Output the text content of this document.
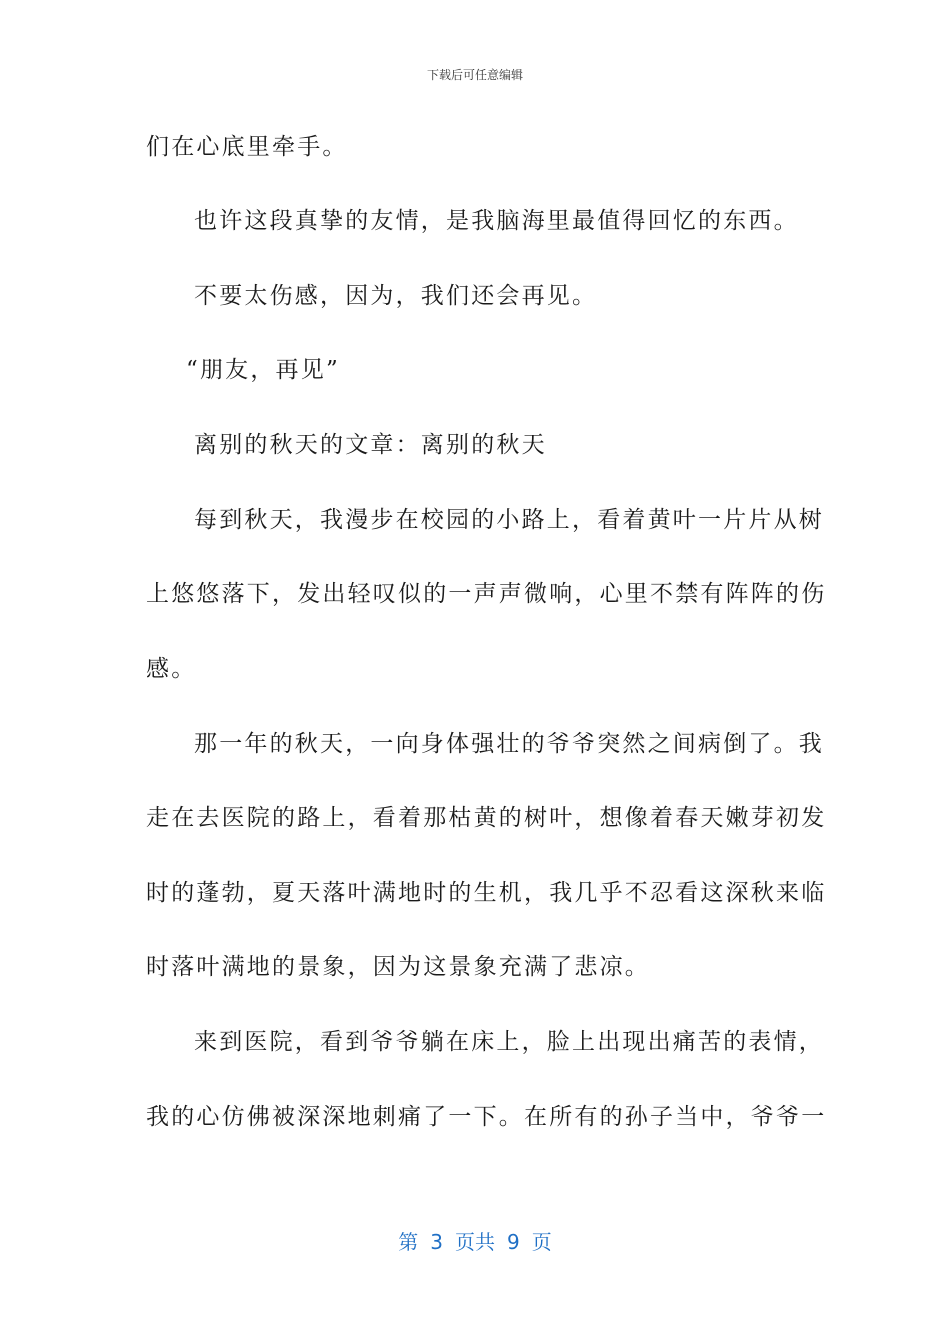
下载后可任意编辑
们在心底里牵手。
也许这段真挚的友情，是我脑海里最值得回忆的东西。
不要太伤感，因为，我们还会再见。
“朋友，再见”
离别的秋天的文章：离别的秋天
每到秋天，我漫步在校园的小路上，看着黄叶一片片从树
上悠悠落下，发出轻叹似的一声声微响，心里不禁有阵阵的伤
感。
那一年的秋天，一向身体强壮的爷爷突然之间病倒了。我
走在去医院的路上，看着那枯黄的树叶，想像着春天嫩芽初发
时的蓬勃，夏天落叶满地时的生机，我几乎不忍看这深秋来临
时落叶满地的景象，因为这景象充满了悲凉。
来到医院，看到爷爷躺在床上，脸上出现出痛苦的表情，
我的心仿佛被深深地刺痛了一下。在所有的孙子当中，爷爷一
第 3 页共 9 页
